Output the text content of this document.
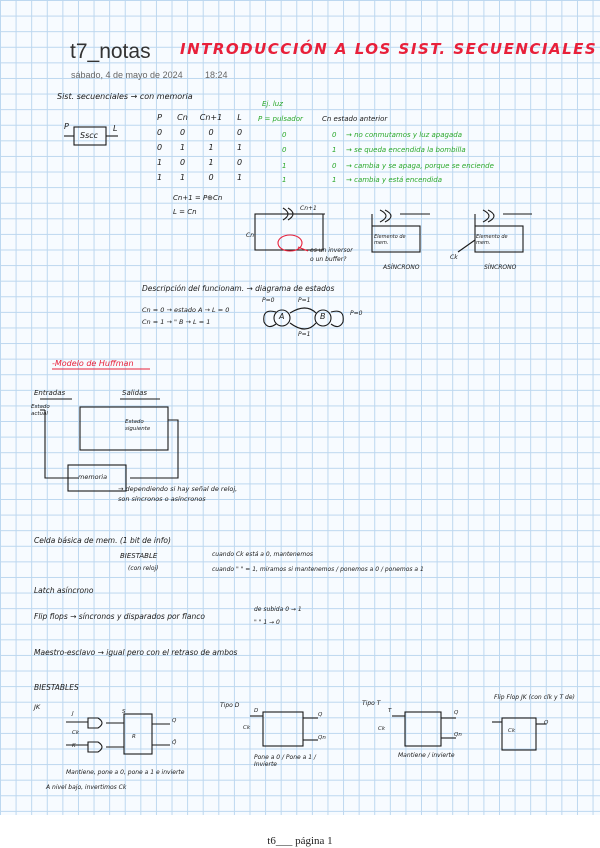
t7_notas INTRODUCCIÓN A LOS SIST. SECUENCIALES
sábado, 4 de mayo de 2024 18:24
Sist. secuenciales → con memoria
P
Sscc
L
P	Cn	Cn+1	L
0	0	0	0
0	1	1	1
1	0	1	0
1	1	0	1
Cn+1 = P⊕Cn
L = Cn
Ej. luz
P = pulsador	Cn estado anterior
0	0 → no conmutamos y luz apagada
0	1 → se queda encendida la bombilla
1	0 → cambia y se apaga, porque se enciende
1	1 → cambia y está encendida
Cn+1
Cn
es un inversor o un buffer?
Elemento de mem.
Elemento de mem.
Ck
ASÍNCRONO	SÍNCRONO
Descripción del funcionam. → diagrama de estados
Cn = 0 → estado A → L = 0
Cn = 1 → " B → L = 1
A	B
P=0
P=0
P=1
P=1
-Modelo de Huffman
Entradas	Salidas
Estado actual
Estado siguiente
memoria
→ dependiendo si hay señal de reloj, son síncronos o asíncronos
Celda básica de mem. (1 bit de info)
BIESTABLE
(con reloj)
cuando Ck está a 0, mantenemos
cuando " " = 1, miramos si mantenemos / ponemos a 0 / ponemos a 1
Latch asíncrono
Flip flops → síncronos y disparados por flanco
de subida 0 → 1
" " 1 → 0
Maestro-esclavo → igual pero con el retraso de ambos
BIESTABLES
JK	Tipo D	Tipo T
Flip Flop JK (con clk y T de)
J	S
Ck
K
Q
Q̄
R
D
Ck
Q
Qn
T
Ck
Q
Qn
Q
Ck
Mantiene, pone a 0, pone a 1 e invierte
A nivel bajo, invertimos Ck
Pone a 0 / Pone a 1 / Invierte
Mantiene / invierte
t6___ página 1
